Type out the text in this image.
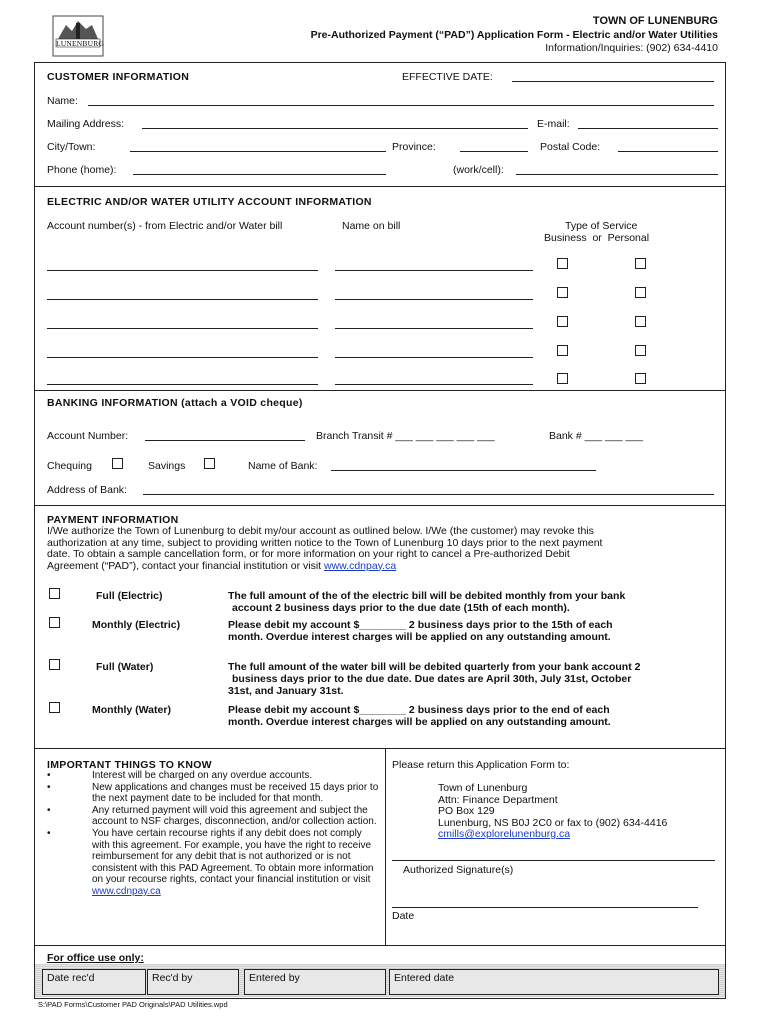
LUNENBURG
TOWN OF LUNENBURG
Pre-Authorized Payment (“PAD”) Application Form - Electric and/or Water Utilities
Information/Inquiries: (902) 634-4410
CUSTOMER INFORMATION	EFFECTIVE DATE:
Name:
Mailing Address:	E-mail:
City/Town:	Province:	Postal Code:
Phone (home):	(work/cell):
ELECTRIC AND/OR WATER UTILITY ACCOUNT INFORMATION
Account number(s) - from Electric and/or Water bill	Name on bill	Type of Service
Business  or  Personal
BANKING INFORMATION (attach a VOID cheque)
Account Number:	Branch Transit # ___ ___ ___ ___ ___	Bank # ___ ___ ___
Chequing	Savings	Name of Bank:
Address of Bank:
PAYMENT INFORMATION
I/We authorize the Town of Lunenburg to debit my/our account as outlined below. I/We (the customer) may revoke this
authorization at any time, subject to providing written notice to the Town of Lunenburg 10 days prior to the next payment
date. To obtain a sample cancellation form, or for more information on your right to cancel a Pre-authorized Debit
Agreement (“PAD”), contact your financial institution or visit www.cdnpay.ca
Full (Electric)	The full amount of the of the electric bill will be debited monthly from your bank
account 2 business days prior to the due date (15th of each month).
Monthly (Electric)	Please debit my account $________ 2 business days prior to the 15th of each
month. Overdue interest charges will be applied on any outstanding amount.
Full (Water)	The full amount of the water bill will be debited quarterly from your bank account 2
business days prior to the due date. Due dates are April 30th, July 31st, October
31st, and January 31st.
Monthly (Water)	Please debit my account $________ 2 business days prior to the end of each
month. Overdue interest charges will be applied on any outstanding amount.
IMPORTANT THINGS TO KNOW
•	Interest will be charged on any overdue accounts.
•	New applications and changes must be received 15 days prior to the next payment date to be included for that month.
•	Any returned payment will void this agreement and subject the account to NSF charges, disconnection, and/or collection action.
•	You have certain recourse rights if any debit does not comply with this agreement. For example, you have the right to receive reimbursement for any debit that is not authorized or is not consistent with this PAD Agreement. To obtain more information on your recourse rights, contact your financial institution or visit www.cdnpay.ca
Please return this Application Form to:
Town of Lunenburg
Attn: Finance Department
PO Box 129
Lunenburg, NS B0J 2C0 or fax to (902) 634-4416
cmills@explorelunenburg.ca
Authorized Signature(s)
Date
For office use only:
Date rec'd	Rec'd by	Entered by	Entered date
S:\PAD Forms\Customer PAD Originals\PAD Utilities.wpd
